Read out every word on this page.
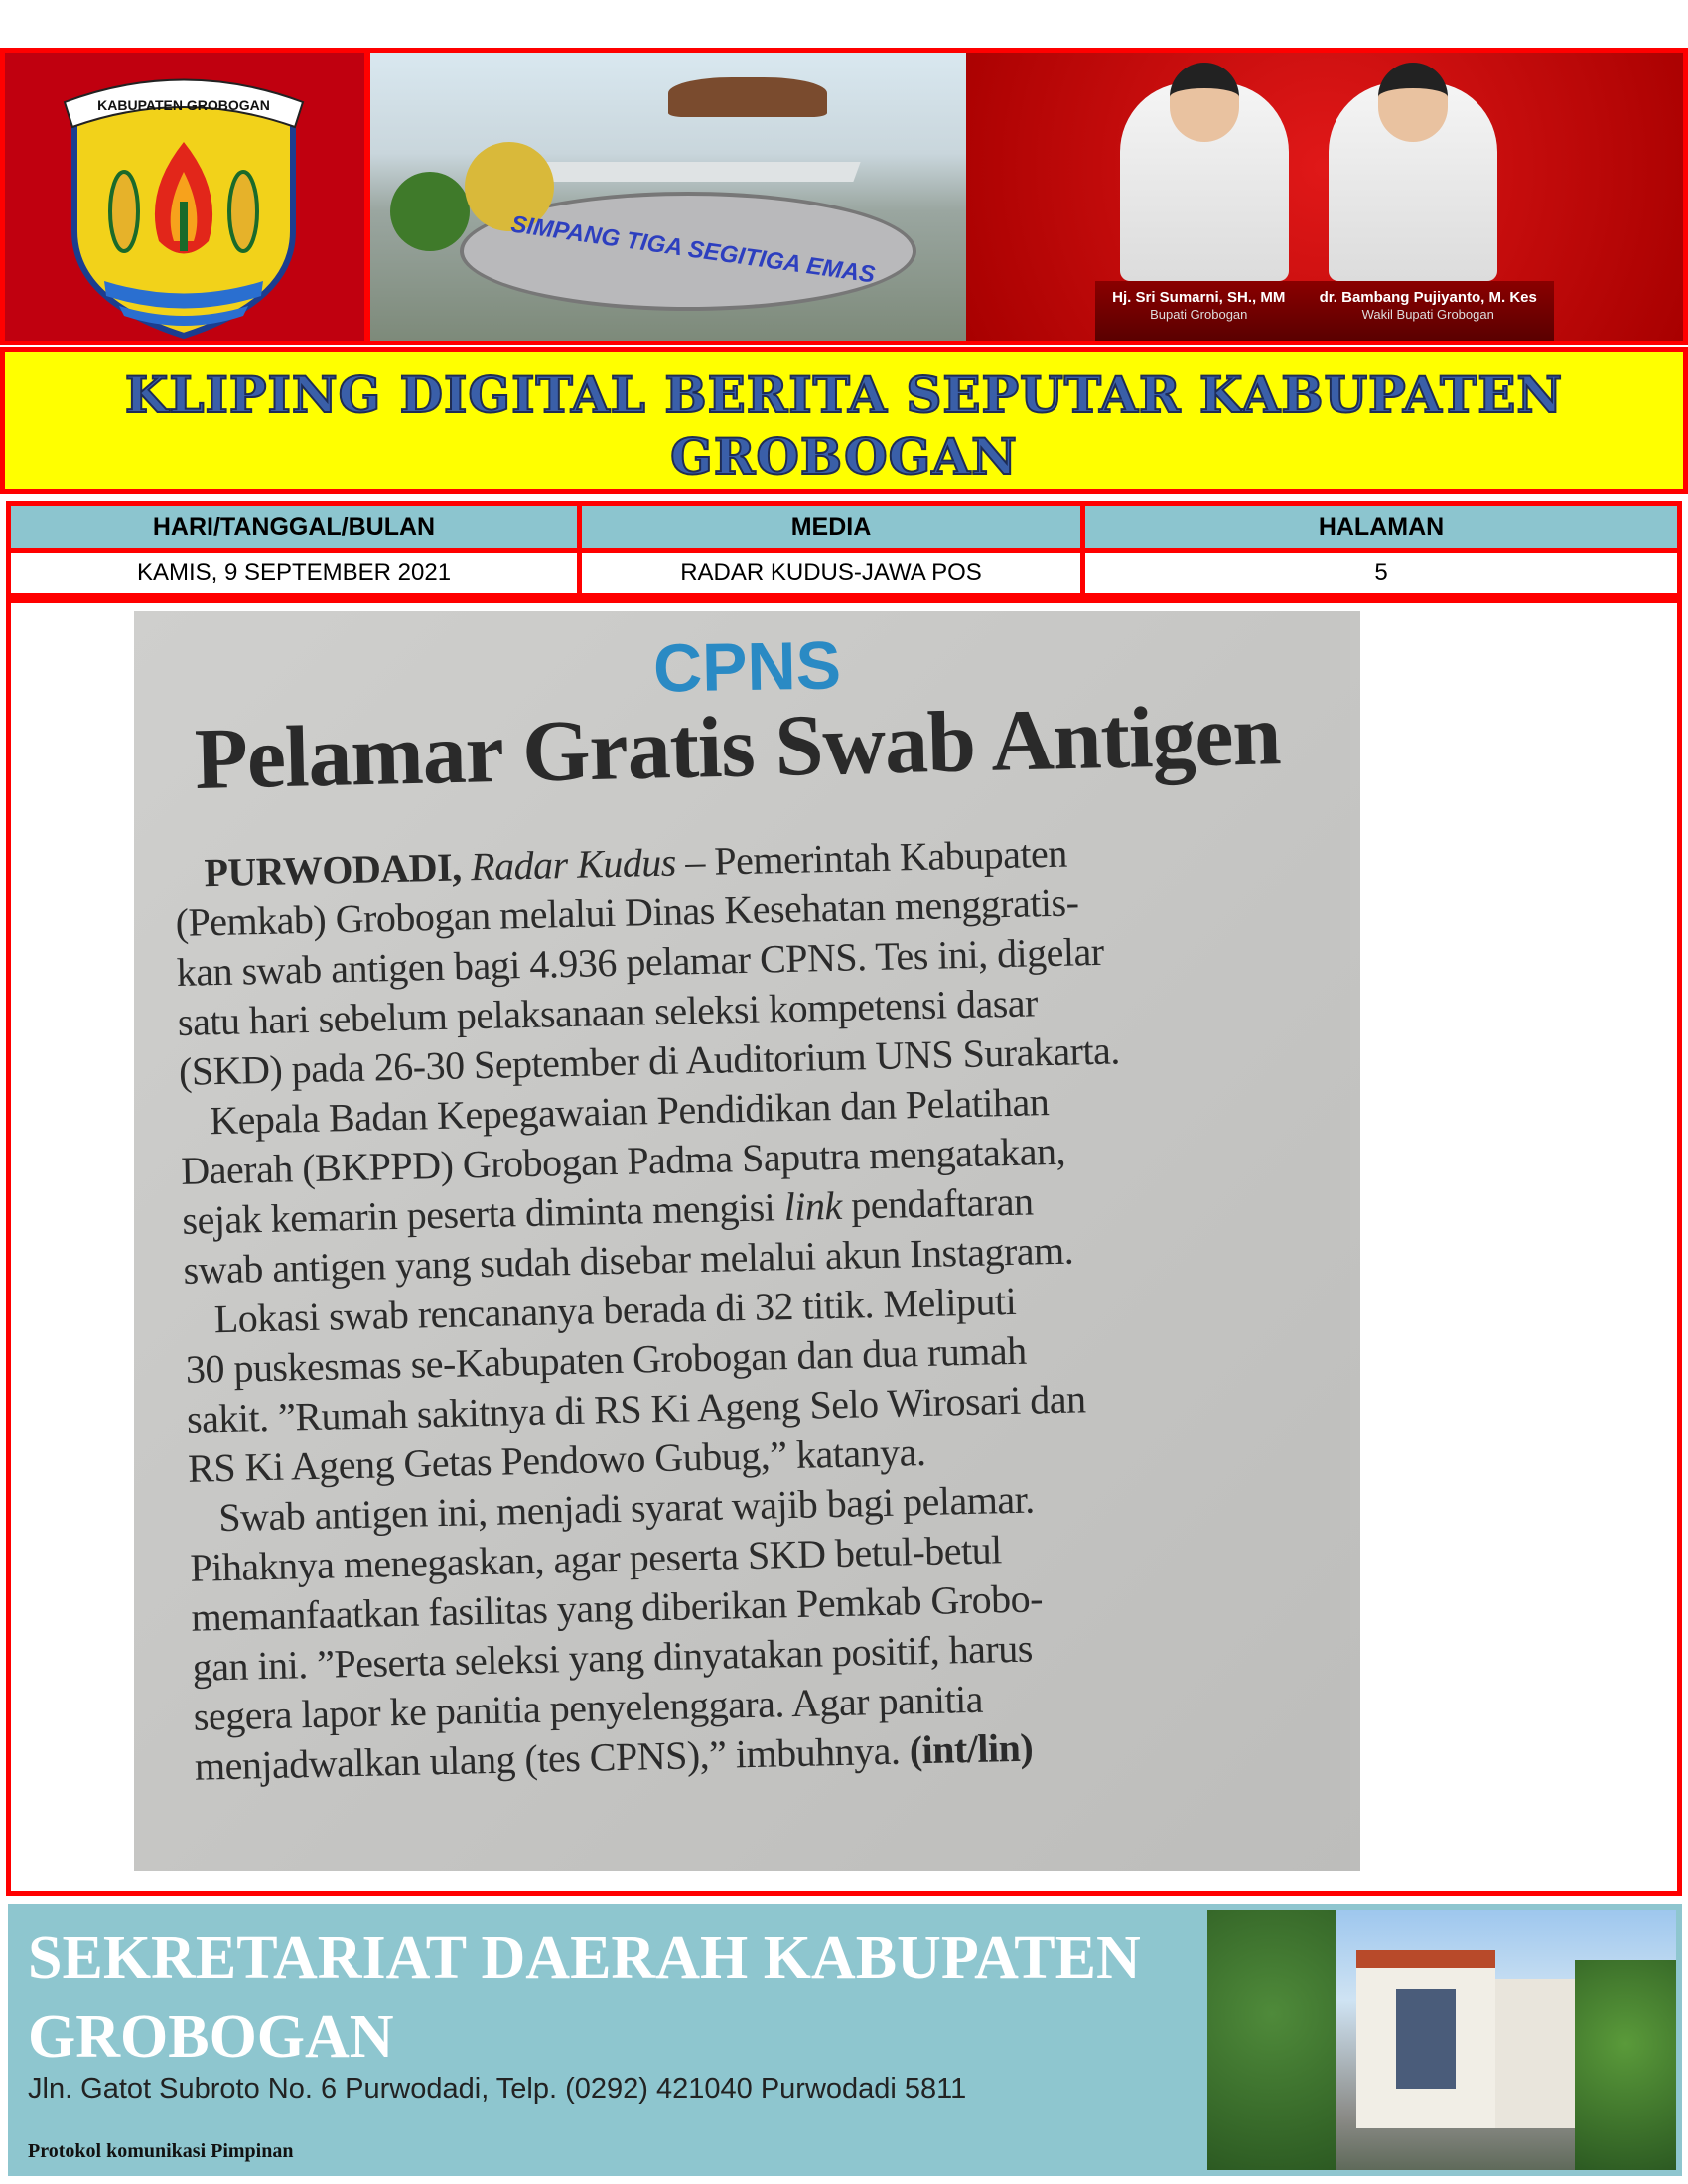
KABUPATEN GROBOGAN
SIMPANG TIGA SEGITIGA EMAS
Hj. Sri Sumarni, SH., MM
Bupati Grobogan
dr. Bambang Pujiyanto, M. Kes
Wakil Bupati Grobogan
KLIPING DIGITAL BERITA SEPUTAR KABUPATEN
GROBOGAN
HARI/TANGGAL/BULAN	MEDIA	HALAMAN
KAMIS, 9 SEPTEMBER 2021	RADAR KUDUS-JAWA POS	5
CPNS
Pelamar Gratis Swab Antigen

PURWODADI, Radar Kudus – Pemerintah Kabupaten

(Pemkab) Grobogan melalui Dinas Kesehatan menggratis-

kan swab antigen bagi 4.936 pelamar CPNS. Tes ini, digelar

satu hari sebelum pelaksanaan seleksi kompetensi dasar

(SKD) pada 26-30 September di Auditorium UNS Surakarta.

Kepala Badan Kepegawaian Pendidikan dan Pelatihan

Daerah (BKPPD) Grobogan Padma Saputra mengatakan,

sejak kemarin peserta diminta mengisi link pendaftaran

swab antigen yang sudah disebar melalui akun Instagram.

Lokasi swab rencananya berada di 32 titik. Meliputi

30 puskesmas se-Kabupaten Grobogan dan dua rumah

sakit. ”Rumah sakitnya di RS Ki Ageng Selo Wirosari dan

RS Ki Ageng Getas Pendowo Gubug,” katanya.

Swab antigen ini, menjadi syarat wajib bagi pelamar.

Pihaknya menegaskan, agar peserta SKD betul-betul

memanfaatkan fasilitas yang diberikan Pemkab Grobo-

gan ini. ”Peserta seleksi yang dinyatakan positif, harus

segera lapor ke panitia penyelenggara. Agar panitia

menjadwalkan ulang (tes CPNS),” imbuhnya. (int/lin)

SEKRETARIAT DAERAH KABUPATEN
GROBOGAN
Jln. Gatot Subroto No. 6 Purwodadi, Telp. (0292) 421040 Purwodadi 5811
Protokol komunikasi Pimpinan
